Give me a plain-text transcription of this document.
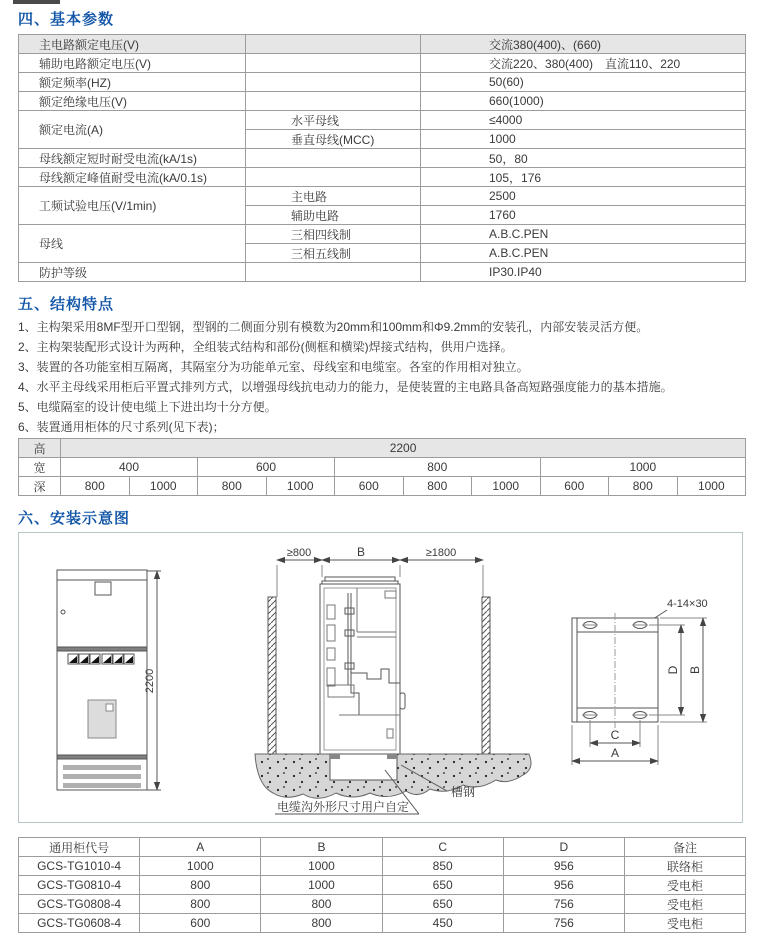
四、基本参数
主电路额定电压(V)		交流380(400)、(660)
辅助电路额定电压(V)		交流220、380(400)　直流110、220
额定频率(HZ)		50(60)
额定绝缘电压(V)		660(1000)
额定电流(A)	水平母线	≤4000
	垂直母线(MCC)	1000
母线额定短时耐受电流(kA/1s)		50，80
母线额定峰值耐受电流(kA/0.1s)		105，176
工频试验电压(V/1min)	主电路	2500
	辅助电路	1760
母线	三相四线制	A.B.C.PEN
	三相五线制	A.B.C.PEN
防护等级		IP30.IP40
五、结构特点
1、主构架采用8MF型开口型钢，型钢的二侧面分别有模数为20mm和100mm和Φ9.2mm的安装孔，内部安装灵活方便。
2、主构架装配形式设计为两种，全组装式结构和部份(侧框和横梁)焊接式结构，供用户选择。
3、装置的各功能室相互隔离，其隔室分为功能单元室、母线室和电缆室。各室的作用相对独立。
4、水平主母线采用柜后平置式排列方式，以增强母线抗电动力的能力，是使装置的主电路具备高短路强度能力的基本措施。
5、电缆隔室的设计使电缆上下进出均十分方便。
6、装置通用柜体的尺寸系列(见下表)；
高	2200									
宽	400		600		800			1000		
深	800	1000	800	1000	600	800	1000	600	800	1000
六、安装示意图
2200
≥800	B	≥1800
槽钢
电缆沟外形尺寸用户自定
4-14×30
D B
C
A
通用柜代号	A	B	C	D	备注
GCS-TG1010-4	1000	1000	850	956	联络柜
GCS-TG0810-4	800	1000	650	956	受电柜
GCS-TG0808-4	800	800	650	756	受电柜
GCS-TG0608-4	600	800	450	756	受电柜
